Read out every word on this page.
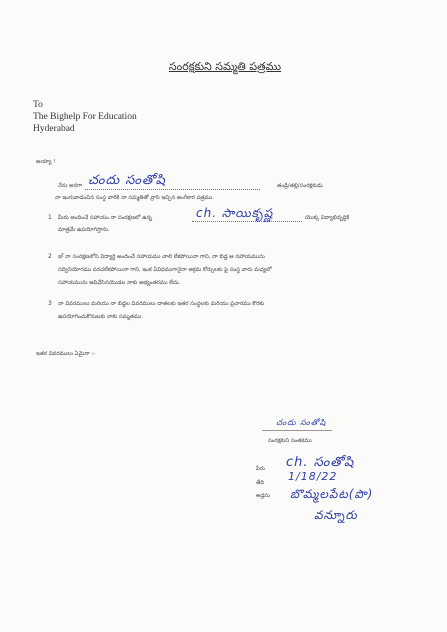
సంరక్షకుని సమ్మతి పత్రము
To
The Bighelp For Education
Hyderabad
అయ్యా !
నేను అనగా చందు సంతోషి	తండ్రి/తల్లి/సంరక్షకుడు
నా ఇంగువాడంచిన సంస్థ వారికి నా సమ్మతితో వ్రాసి ఇచ్చిన అంగీకార పత్రము.
1 మీరు అందించే సహాయం నా సంరక్షణలో ఉన్న	ch. సాయికృష్ణ	యొక్క విద్యాభివృద్ధికి
మాత్రమే ఉపయోగిస్తాను.
2 ఇ-్ నా సంరక్షణలోని విద్యార్థి అందించే సహాయము చాలి లేకపోయినా గాని, నా బిడ్డ ఆ సహాయమును
సద్వినియోగము పరచలేకపోయినా గాని, ఇంక ఏవిధముగానైనా అక్రమ కోర్సులకు ఫై సంస్థ వారు మధ్యలో
సహాయమును ఆపివేసినయొడల నాకు అభ్యంతరము లేదు.
3 నా వివరములు మరియు నా బిడ్డల వివరములు దాతలకు ఇతర సంస్థలకు మరియు ప్రచారము కొరకు
ఉపయోగించుకొనుటకు నాకు సమ్మతము.
ఇతర వివరములు ఏమైనా :-
చందు సంతోషి
సంరక్షకుని సంతకము
పేరు ch. సంతోషి
తేది 1/18/22
అడ్రసు బొమ్మలపేట(పొ)
వన్నూరు
